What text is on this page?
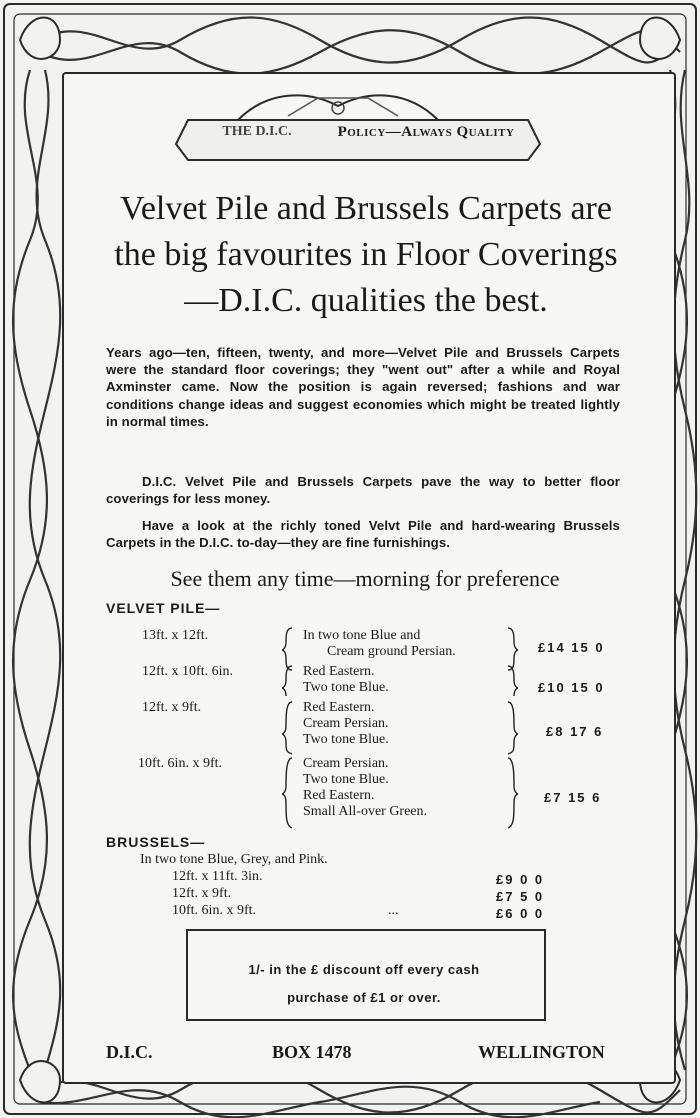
THE D.I.C.	Policy—Always Quality
Velvet Pile and Brussels Carpets are
the big favourites in Floor Coverings
—D.I.C. qualities the best.
Years ago—ten, fifteen, twenty, and more—Velvet Pile and Brussels Carpets were the standard floor coverings; they "went out" after a while and Royal Axminster came. Now the position is again reversed; fashions and war conditions change ideas and suggest economies which might be treated lightly in normal times.
D.I.C. Velvet Pile and Brussels Carpets pave the way to better floor coverings for less money.
Have a look at the richly toned Velvt Pile and hard-wearing Brussels Carpets in the D.I.C. to-day—they are fine furnishings.
See them any time—morning for preference
VELVET PILE—
13ft. x 12ft.	In two tone Blue and
Cream ground Persian.	£14 15 0
12ft. x 10ft. 6in.	Red Eastern.
Two tone Blue.	£10 15 0
12ft. x 9ft.	Red Eastern.
Cream Persian.
Two tone Blue.
£8 17 6
10ft. 6in. x 9ft.	Cream Persian.
Two tone Blue.
Red Eastern.
Small All-over Green.
£7 15 6
BRUSSELS—
In two tone Blue, Grey, and Pink.
12ft. x 11ft. 3in.	£9 0 0
12ft. x 9ft.	£7 5 0
10ft. 6in. x 9ft.	...	£6 0 0
1/- in the £ discount off every cash
purchase of £1 or over.
D.I.C.	BOX 1478	WELLINGTON
